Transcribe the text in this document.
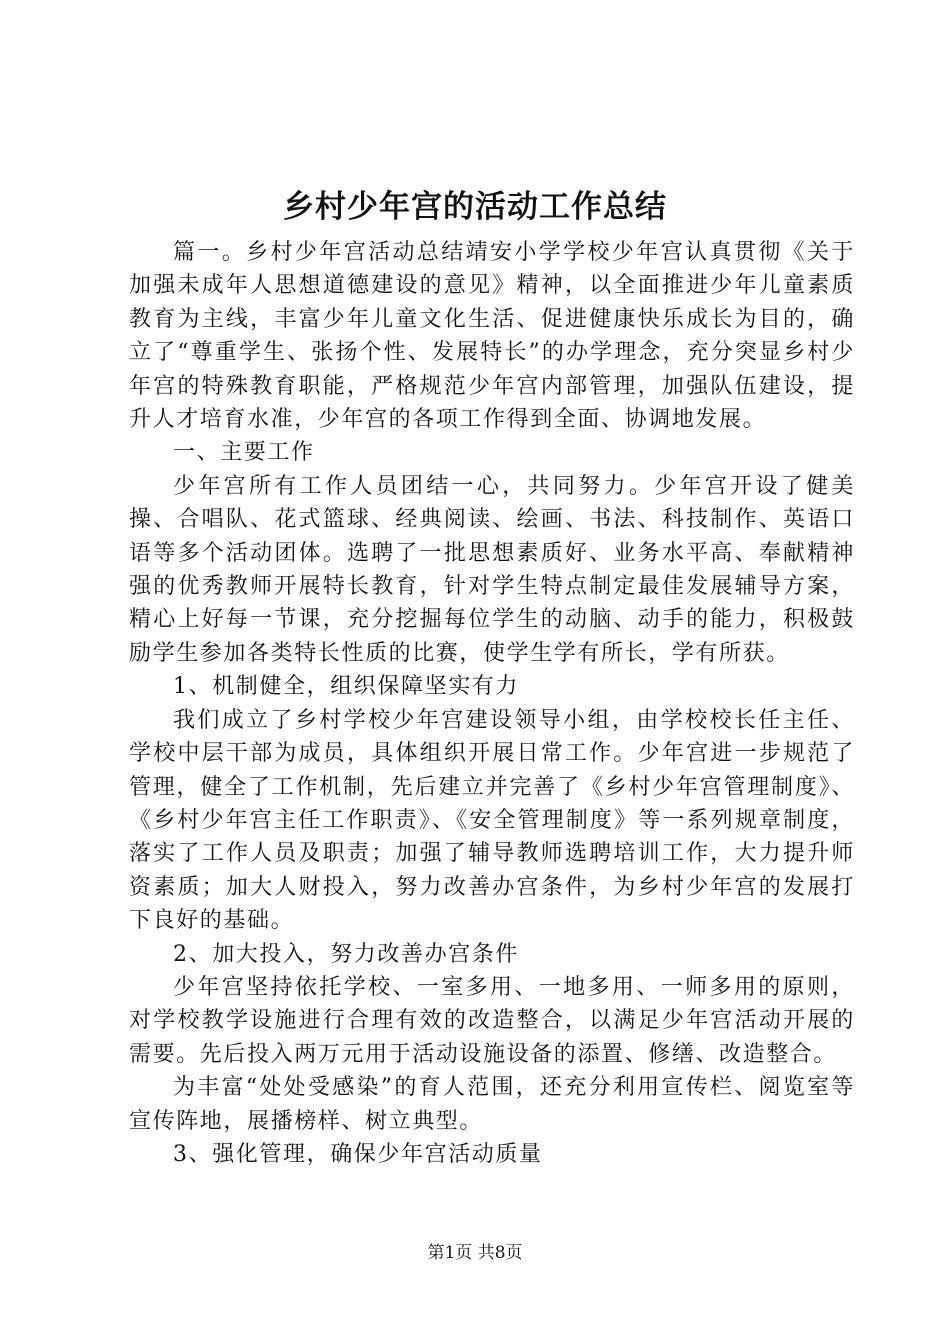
乡村少年宫的活动工作总结

篇一。乡村少年宫活动总结靖安小学学校少年宫认真贯彻《关于加强未成年人思想道德建设的意见》精神，以全面推进少年儿童素质教育为主线，丰富少年儿童文化生活、促进健康快乐成长为目的，确立了“尊重学生、张扬个性、发展特长”的办学理念，充分突显乡村少年宫的特殊教育职能，严格规范少年宫内部管理，加强队伍建设，提升人才培育水准，少年宫的各项工作得到全面、协调地发展。

一、主要工作

少年宫所有工作人员团结一心，共同努力。少年宫开设了健美操、合唱队、花式篮球、经典阅读、绘画、书法、科技制作、英语口语等多个活动团体。选聘了一批思想素质好、业务水平高、奉献精神强的优秀教师开展特长教育，针对学生特点制定最佳发展辅导方案，精心上好每一节课，充分挖掘每位学生的动脑、动手的能力，积极鼓励学生参加各类特长性质的比赛，使学生学有所长，学有所获。

1、机制健全，组织保障坚实有力

我们成立了乡村学校少年宫建设领导小组，由学校校长任主任、学校中层干部为成员，具体组织开展日常工作。少年宫进一步规范了管理，健全了工作机制，先后建立并完善了《乡村少年宫管理制度》、《乡村少年宫主任工作职责》、《安全管理制度》等一系列规章制度，落实了工作人员及职责；加强了辅导教师选聘培训工作，大力提升师资素质；加大人财投入，努力改善办宫条件，为乡村少年宫的发展打下良好的基础。

2、加大投入，努力改善办宫条件

少年宫坚持依托学校、一室多用、一地多用、一师多用的原则，对学校教学设施进行合理有效的改造整合，以满足少年宫活动开展的需要。先后投入两万元用于活动设施设备的添置、修缮、改造整合。

为丰富“处处受感染”的育人范围，还充分利用宣传栏、阅览室等宣传阵地，展播榜样、树立典型。

3、强化管理，确保少年宫活动质量

第1页 共8页
